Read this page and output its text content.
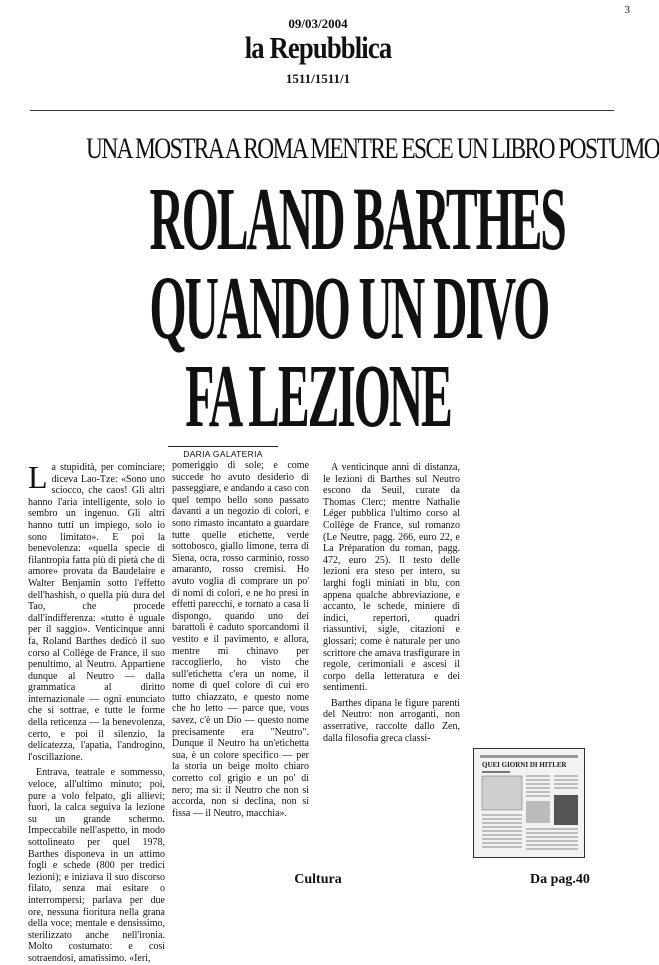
3
09/03/2004
la Repubblica
1511/1511/1
UNA MOSTRA A ROMA MENTRE ESCE UN LIBRO POSTUMO
ROLAND BARTHES
QUANDO UN DIVO
FA LEZIONE
DARIA GALATERIA

La stupidità, per cominciare; diceva Lao-Tze: «Sono uno sciocco, che caos! Gli altri hanno l'aria intelligente, solo io sembro un ingenuo. Gli altri hanno tutti un impiego, solo io sono limitato». E poi la benevolenza: «quella specie di filantropia fatta più di pietà che di amore» provata da Baudelaire e Walter Benjamin sotto l'effetto dell'hashish, o quella più dura del Tao, che procede dall'indifferenza: «tutto è uguale per il saggio». Venticinque anni fa, Roland Barthes dedicò il suo corso al Collège de France, il suo penultimo, al Neutro. Appartiene dunque al Neutro — dalla grammatica al diritto internazionale — ogni enunciato che si sottrae, e tutte le forme della reticenza — la benevolenza, certo, e poi il silenzio, la delicatezza, l'apatia, l'androgino, l'oscillazione.

Entrava, teatrale e sommesso, veloce, all'ultimo minuto; poi, pure a volo felpato, gli allievi; fuori, la calca seguiva la lezione su un grande schermo. Impeccabile nell'aspetto, in modo sottolineato per quel 1978, Barthes disponeva in un attimo fogli e schede (800 per tredici lezioni); e iniziava il suo discorso filato, senza mai esitare o interrompersi; parlava per due ore, nessuna fioritura nella grana della voce; mentale e densissimo, sterilizzato anche nell'ironia. Molto costumato: e così sotraendosi, amatissimo. «Ieri,

pomeriggio di sole; e come succede ho avuto desiderio di passeggiare, e andando a caso con quel tempo bello sono passato davanti a un negozio di colori, e sono rimasto incantato a guardare tutte quelle etichette, verde sottobosco, giallo limone, terra di Siena, ocra, rosso carminio, rosso amaranto, rosso cremisi. Ho avuto voglia di comprare un po' di nomi di colori, e ne ho presi in effetti parecchi, e tornato a casa li dispongo, quando uno dei barattoli è caduto sporcandomi il vestito e il pavimento, e allora, mentre mi chinavo per raccoglierlo, ho visto che sull'etichetta c'era un nome, il nome di quel colore di cui ero tutto chiazzato, e questo nome che ho letto — parce que, vous savez, c'è un Dio — questo nome precisamente era "Neutro". Dunque il Neutro ha un'etichetta sua, è un colore specifico — per la storia un beige molto chiaro corretto col grigio e un po' di nero; ma sì: il Neutro che non si accorda, non si declina, non si fissa — il Neutro, macchia».

A venticinque anni di distanza, le lezioni di Barthes sul Neutro escono da Seuil, curate da Thomas Clerc; mentre Nathalie Léger pubblica l'ultimo corso al Collège de France, sul romanzo (Le Neutre, pagg. 266, euro 22, e La Préparation du roman, pagg. 472, euro 25). Il testo delle lezioni era steso per intero, su larghi fogli miniati in blu, con appena qualche abbreviazione, e accanto, le schede, miniere di indici, repertori, quadri riassuntivi, sigle, citazioni e glossari; come è naturale per uno scrittore che amava trasfigurare in regole, cerimoniali e ascesi il corpo della letteratura e dei sentimenti.

Barthes dipana le figure parenti del Neutro: non arroganti, non asserrative, raccolte dallo Zen, dalla filosofia greca classi-

QUEI GIORNI DI HITLER
Cultura	Da pag.40
